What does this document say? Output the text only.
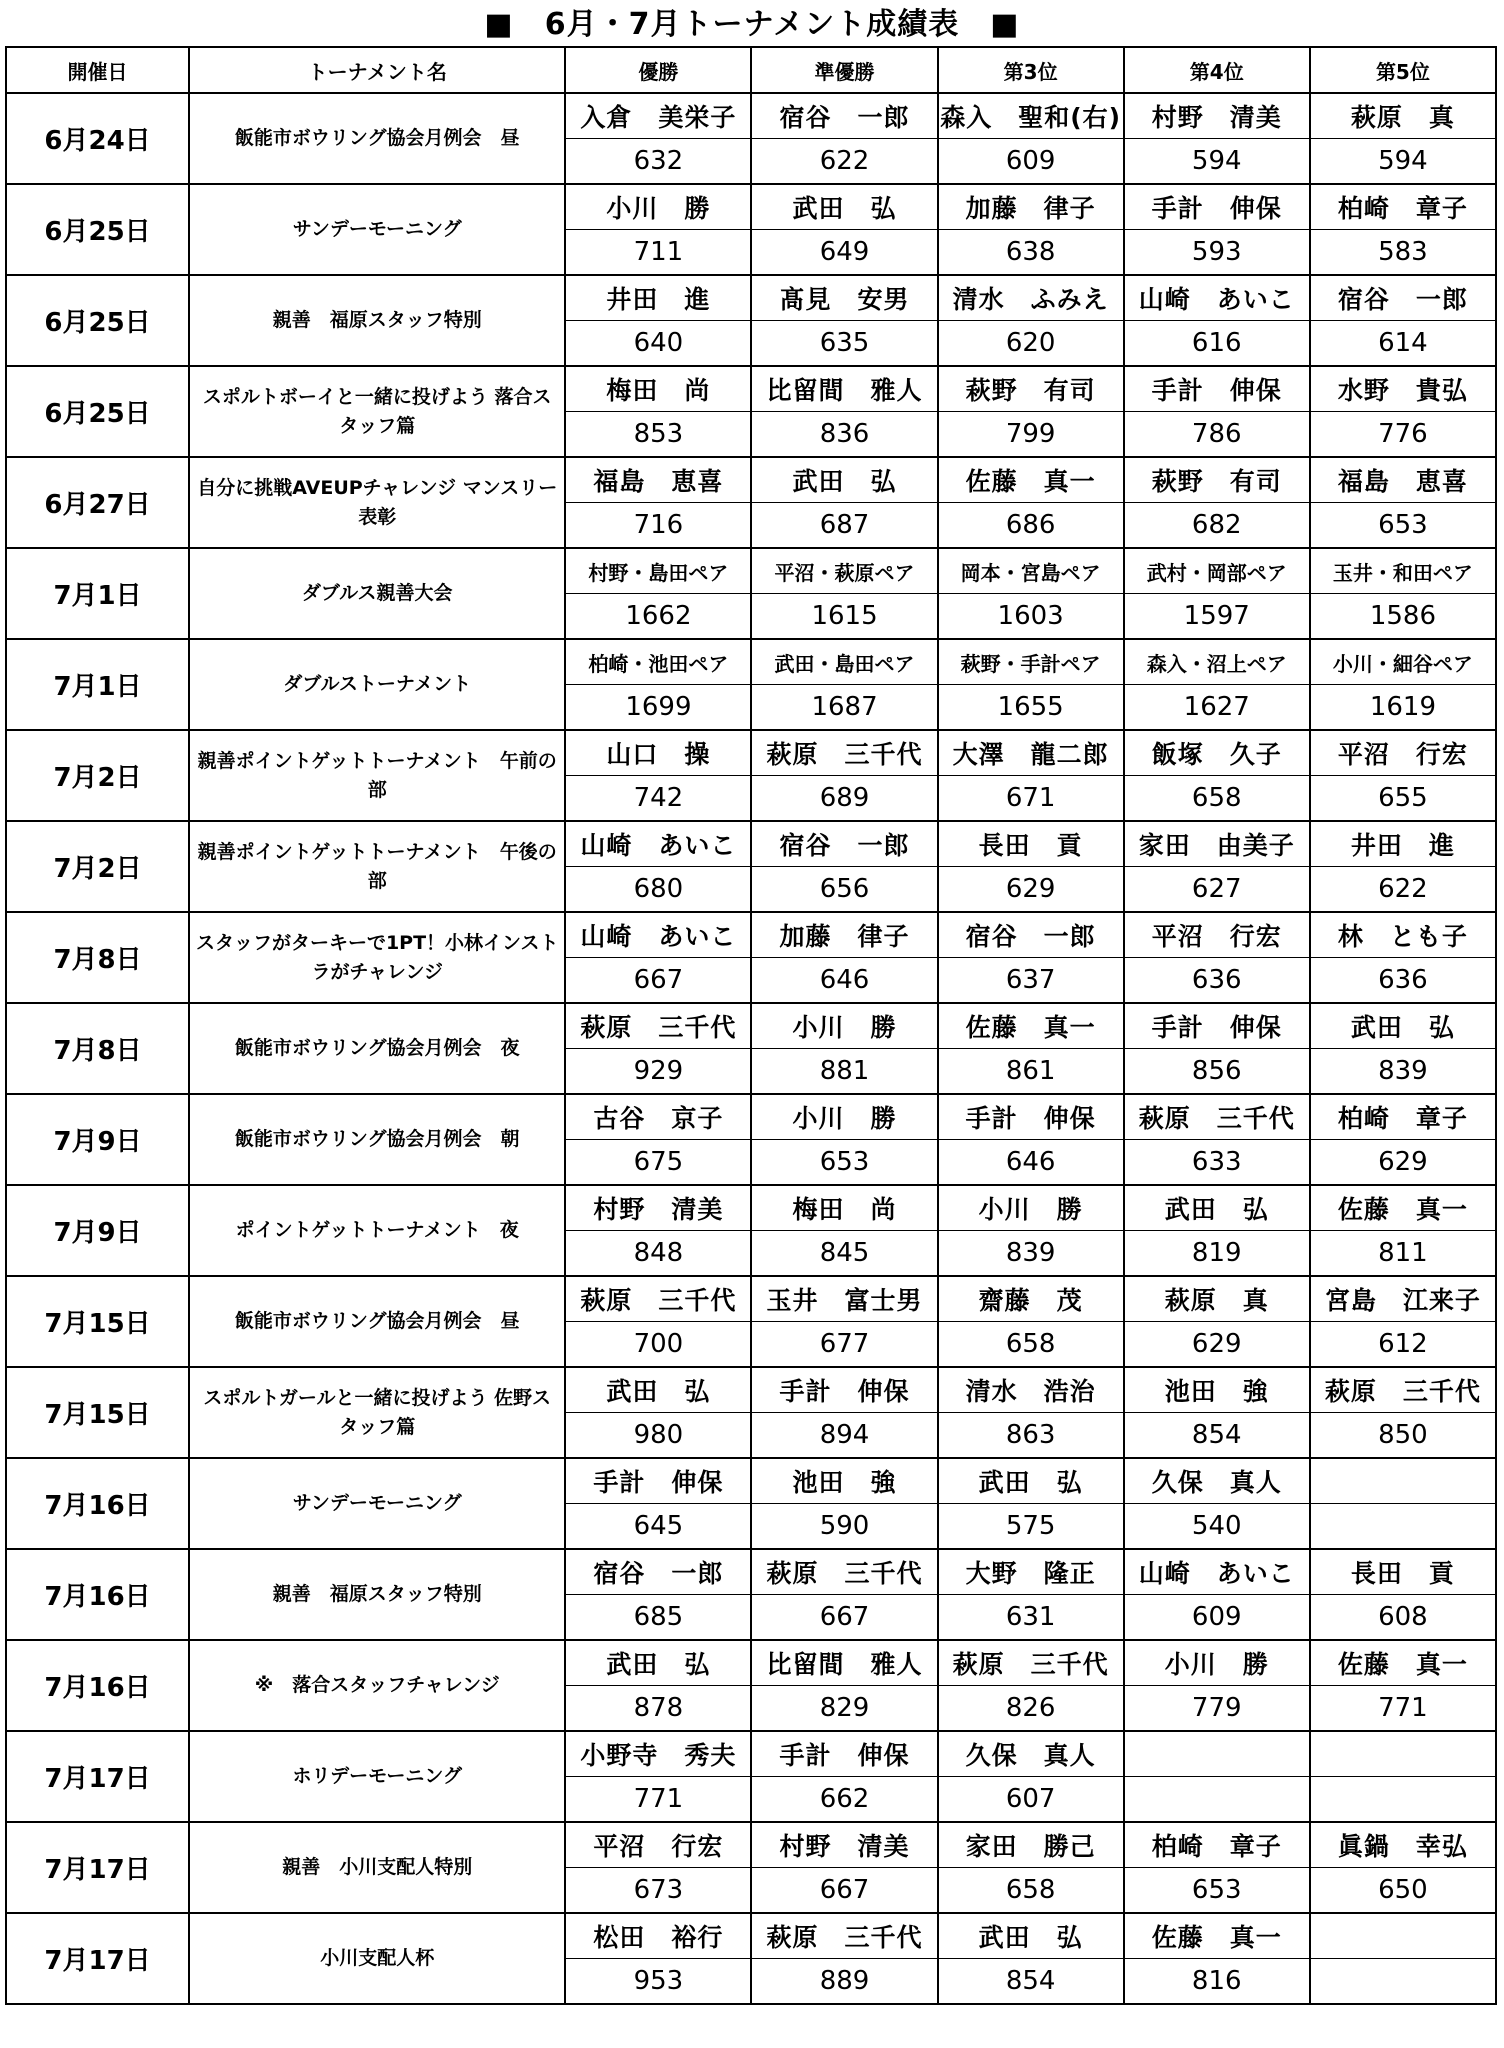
■　6月・7月トーナメント成績表　■
開催日	トーナメント名	優勝	準優勝	第3位	第4位	第5位
6月24日	飯能市ボウリング協会月例会　昼	入倉　美栄子	宿谷　一郎	森入　聖和(右)	村野　清美	萩原　真
		632	622	609	594	594
6月25日	サンデーモーニング	小川　勝	武田　弘	加藤　律子	手計　伸保	柏崎　章子
		711	649	638	593	583
6月25日	親善　福原スタッフ特別	井田　進	髙見　安男	清水　ふみえ	山崎　あいこ	宿谷　一郎
		640	635	620	616	614
6月25日	スポルトボーイと一緒に投げよう 落合スタッフ篇	梅田　尚	比留間　雅人	萩野　有司	手計　伸保	水野　貴弘
		853	836	799	786	776
6月27日	自分に挑戦AVEUPチャレンジ マンスリー表彰	福島　恵喜	武田　弘	佐藤　真一	萩野　有司	福島　恵喜
		716	687	686	682	653
7月1日	ダブルス親善大会	村野・島田ペア	平沼・萩原ペア	岡本・宮島ペア	武村・岡部ペア	玉井・和田ペア
		1662	1615	1603	1597	1586
7月1日	ダブルストーナメント	柏崎・池田ペア	武田・島田ペア	萩野・手計ペア	森入・沼上ペア	小川・細谷ペア
		1699	1687	1655	1627	1619
7月2日	親善ポイントゲットトーナメント　午前の部	山口　操	萩原　三千代	大澤　龍二郎	飯塚　久子	平沼　行宏
		742	689	671	658	655
7月2日	親善ポイントゲットトーナメント　午後の部	山崎　あいこ	宿谷　一郎	長田　貢	家田　由美子	井田　進
		680	656	629	627	622
7月8日	スタッフがターキーで1PT！小林インストラがチャレンジ	山崎　あいこ	加藤　律子	宿谷　一郎	平沼　行宏	林　とも子
		667	646	637	636	636
7月8日	飯能市ボウリング協会月例会　夜	萩原　三千代	小川　勝	佐藤　真一	手計　伸保	武田　弘
		929	881	861	856	839
7月9日	飯能市ボウリング協会月例会　朝	古谷　京子	小川　勝	手計　伸保	萩原　三千代	柏崎　章子
		675	653	646	633	629
7月9日	ポイントゲットトーナメント　夜	村野　清美	梅田　尚	小川　勝	武田　弘	佐藤　真一
		848	845	839	819	811
7月15日	飯能市ボウリング協会月例会　昼	萩原　三千代	玉井　富士男	齋藤　茂	萩原　真	宮島　江来子
		700	677	658	629	612
7月15日	スポルトガールと一緒に投げよう 佐野スタッフ篇	武田　弘	手計　伸保	清水　浩治	池田　強	萩原　三千代
		980	894	863	854	850
7月16日	サンデーモーニング	手計　伸保	池田　強	武田　弘	久保　真人	
		645	590	575	540	
7月16日	親善　福原スタッフ特別	宿谷　一郎	萩原　三千代	大野　隆正	山崎　あいこ	長田　貢
		685	667	631	609	608
7月16日	※　落合スタッフチャレンジ	武田　弘	比留間　雅人	萩原　三千代	小川　勝	佐藤　真一
		878	829	826	779	771
7月17日	ホリデーモーニング	小野寺　秀夫	手計　伸保	久保　真人		
		771	662	607		
7月17日	親善　小川支配人特別	平沼　行宏	村野　清美	家田　勝己	柏崎　章子	眞鍋　幸弘
		673	667	658	653	650
7月17日	小川支配人杯	松田　裕行	萩原　三千代	武田　弘	佐藤　真一	
		953	889	854	816	
